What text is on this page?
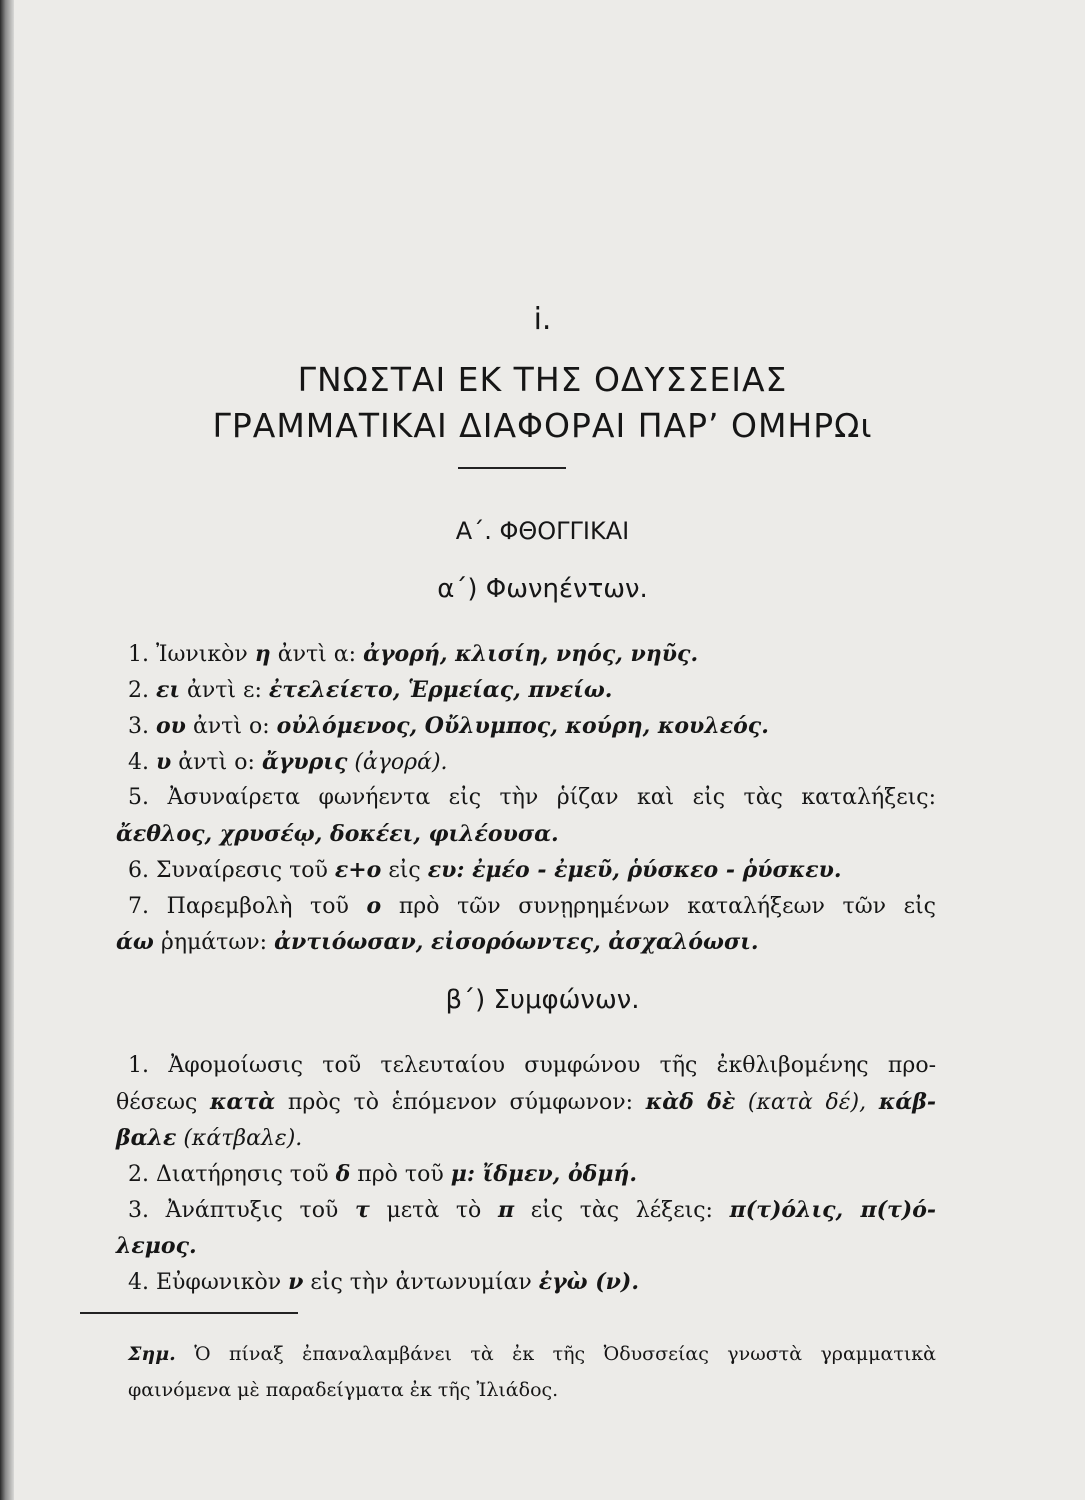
i.
ΓΝΩΣΤΑΙ ΕΚ ΤΗΣ ΟΔΥΣΣΕΙΑΣ
ΓΡΑΜΜΑΤΙΚΑΙ ΔΙΑΦΟΡΑΙ ΠΑΡ’ ΟΜΗΡΩι
Α΄. ΦΘΟΓΓΙΚΑΙ
α΄) Φωνηέντων.
1. Ἰωνικὸν η ἀντὶ α: ἀγορή, κλισίη, νηός, νηῦς.
2. ει ἀντὶ ε: ἐτελείετο, Ἑρμείας, πνείω.
3. ου ἀντὶ ο: οὐλόμενος, Οὔλυμπος, κούρη, κουλεός.
4. υ ἀντὶ ο: ἄγυρις (ἀγορά).
5. Ἀσυναίρετα φωνήεντα εἰς τὴν ῥίζαν καὶ εἰς τὰς καταλήξεις:
ἄεθλος, χρυσέῳ, δοκέει, φιλέουσα.
6. Συναίρεσις τοῦ ε+ο εἰς ευ: ἐμέο - ἐμεῦ, ῥύσκεο - ῥύσκευ.
7. Παρεμβολὴ τοῦ ο πρὸ τῶν συνῃρημένων καταλήξεων τῶν εἰς
άω ῥημάτων: ἀντιόωσαν, εἰσορόωντες, ἀσχαλόωσι.
β΄) Συμφώνων.
1. Ἀφομοίωσις τοῦ τελευταίου συμφώνου τῆς ἐκθλιβομένης προ-
θέσεως κατὰ πρὸς τὸ ἑπόμενον σύμφωνον: κὰδ δὲ (κατὰ δέ), κάβ-
βαλε (κάτβαλε).
2. Διατήρησις τοῦ δ πρὸ τοῦ μ: ἴδμεν, ὀδμή.
3. Ἀνάπτυξις τοῦ τ μετὰ τὸ π εἰς τὰς λέξεις: π(τ)όλις, π(τ)ό-
λεμος.
4. Εὐφωνικὸν ν εἰς τὴν ἀντωνυμίαν ἐγὼ (ν).
Σημ. Ὁ πίναξ ἐπαναλαμβάνει τὰ ἐκ τῆς Ὀδυσσείας γνωστὰ γραμματικὰ
φαινόμενα μὲ παραδείγματα ἐκ τῆς Ἰλιάδος.
